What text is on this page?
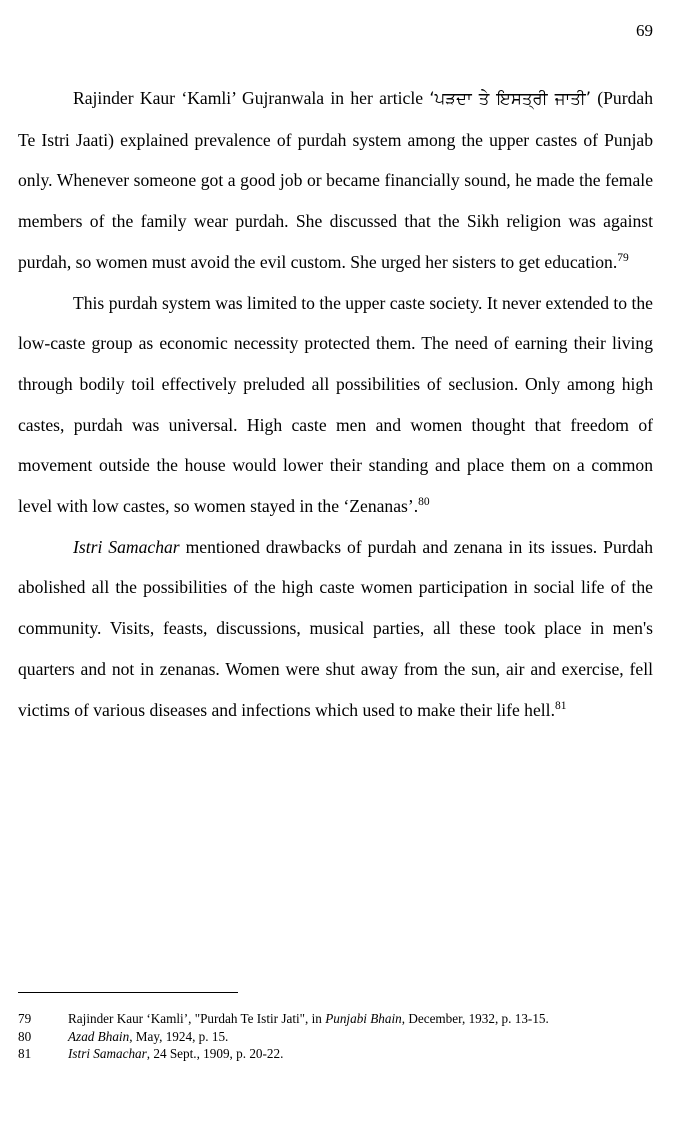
69

Rajinder Kaur ‘Kamli’ Gujranwala in her article ‘ਪੜਦਾ ਤੇ ਇਸਤ੍ਰੀ ਜਾਤੀ’ (Purdah Te Istri Jaati) explained prevalence of purdah system among the upper castes of Punjab only. Whenever someone got a good job or became financially sound, he made the female members of the family wear purdah. She discussed that the Sikh religion was against purdah, so women must avoid the evil custom. She urged her sisters to get education.$^{79}$

This purdah system was limited to the upper caste society. It never extended to the low-caste group as economic necessity protected them. The need of earning their living through bodily toil effectively preluded all possibilities of seclusion. Only among high castes, purdah was universal. High caste men and women thought that freedom of movement outside the house would lower their standing and place them on a common level with low castes, so women stayed in the ‘Zenanas’.$^{80}$

Istri Samachar mentioned drawbacks of purdah and zenana in its issues. Purdah abolished all the possibilities of the high caste women participation in social life of the community. Visits, feasts, discussions, musical parties, all these took place in men's quarters and not in zenanas. Women were shut away from the sun, air and exercise, fell victims of various diseases and infections which used to make their life hell.$^{81}$

79	Rajinder Kaur ‘Kamli’, "Purdah Te Istir Jati", in Punjabi Bhain, December, 1932, p. 13-15.
80	Azad Bhain, May, 1924, p. 15.
81	Istri Samachar, 24 Sept., 1909, p. 20-22.
